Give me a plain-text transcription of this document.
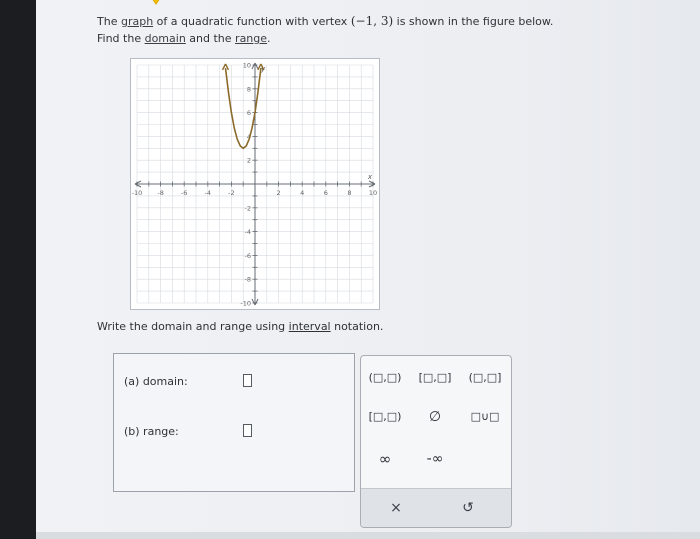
The graph of a quadratic function with vertex (−1, 3) is shown in the figure below.
Find the domain and the range.
-10 -8	-6	-4	-2	2	4	6	8	10
10
8
6
4
2
-2
-4
-6
-8
-10
x
y
Write the domain and range using interval notation.
(a) domain:
(b) range:
(□,□)	[□,□]	(□,□]
[□,□)	∅	□∪□
∞	-∞
×	↺
